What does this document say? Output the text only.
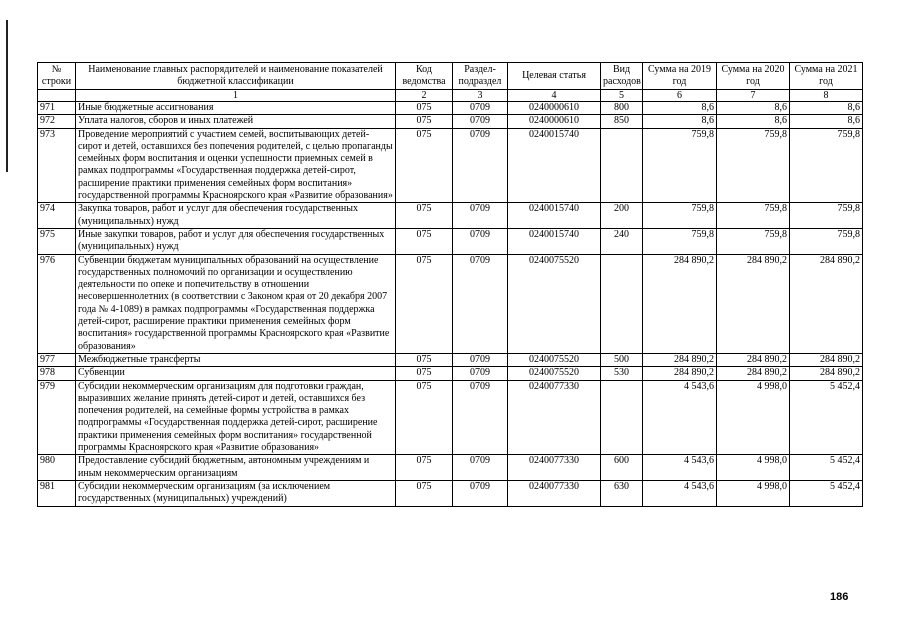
№ строки	Наименование главных распорядителей и наименование показателей бюджетной классификации	Код ведомства	Раздел-подраздел	Целевая статья	Вид расходов	Сумма на 2019 год	Сумма на 2020 год	Сумма на 2021 год
	1	2	3	4	5	6	7	8
971	Иные бюджетные ассигнования	075	0709	0240000610	800	8,6	8,6	8,6
972	Уплата налогов, сборов и иных платежей	075	0709	0240000610	850	8,6	8,6	8,6
973	Проведение мероприятий с участием семей, воспитывающих детей-сирот и детей, оставшихся без попечения родителей, с целью пропаганды семейных форм воспитания и оценки успешности приемных семей в рамках подпрограммы «Государственная поддержка детей-сирот, расширение практики применения семейных форм воспитания» государственной программы Красноярского края «Развитие образования»	075	0709	0240015740		759,8	759,8	759,8
974	Закупка товаров, работ и услуг для обеспечения государственных (муниципальных) нужд	075	0709	0240015740	200	759,8	759,8	759,8
975	Иные закупки товаров, работ и услуг для обеспечения государственных (муниципальных) нужд	075	0709	0240015740	240	759,8	759,8	759,8
976	Субвенции бюджетам муниципальных образований на осуществление государственных полномочий по организации и осуществлению деятельности по опеке и попечительству в отношении несовершеннолетних (в соответствии с Законом края от 20 декабря 2007 года № 4-1089) в рамках подпрограммы «Государственная поддержка детей-сирот, расширение практики применения семейных форм воспитания» государственной программы Красноярского края «Развитие образования»	075	0709	0240075520		284 890,2	284 890,2	284 890,2
977	Межбюджетные трансферты	075	0709	0240075520	500	284 890,2	284 890,2	284 890,2
978	Субвенции	075	0709	0240075520	530	284 890,2	284 890,2	284 890,2
979	Субсидии некоммерческим организациям для подготовки граждан, выразивших желание принять детей-сирот и детей, оставшихся без попечения родителей, на семейные формы устройства в рамках подпрограммы «Государственная поддержка детей-сирот, расширение практики применения семейных форм воспитания» государственной программы Красноярского края «Развитие образования»	075	0709	0240077330		4 543,6	4 998,0	5 452,4
980	Предоставление субсидий бюджетным, автономным учреждениям и иным некоммерческим организациям	075	0709	0240077330	600	4 543,6	4 998,0	5 452,4
981	Субсидии некоммерческим организациям (за исключением государственных (муниципальных) учреждений)	075	0709	0240077330	630	4 543,6	4 998,0	5 452,4
186
